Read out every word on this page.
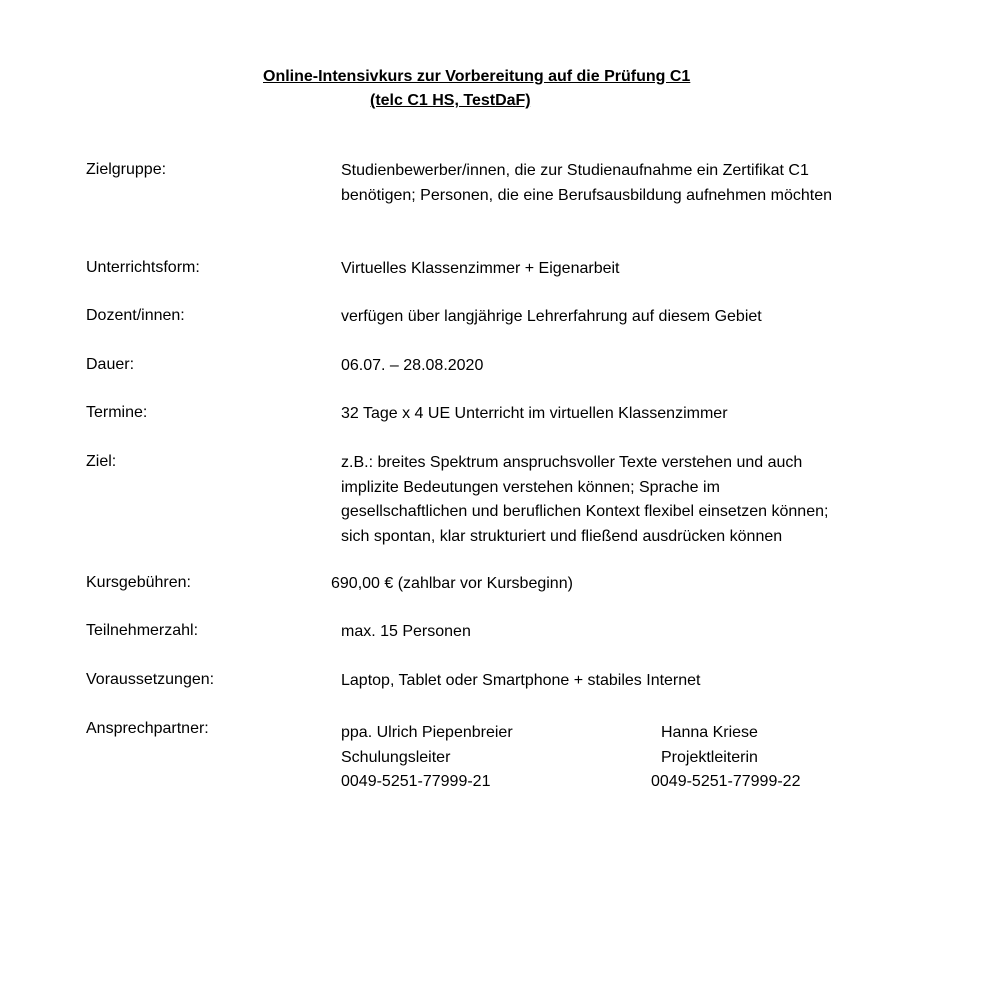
Online-Intensivkurs zur Vorbereitung auf die Prüfung C1
(telc C1 HS, TestDaF)
Zielgruppe:	Studienbewerber/innen, die zur Studienaufnahme ein Zertifikat C1
benötigen; Personen, die eine Berufsausbildung aufnehmen möchten
Unterrichtsform:	Virtuelles Klassenzimmer + Eigenarbeit
Dozent/innen:	verfügen über langjährige Lehrerfahrung auf diesem Gebiet
Dauer:	06.07. – 28.08.2020
Termine:	32 Tage x 4 UE Unterricht im virtuellen Klassenzimmer
Ziel:	z.B.: breites Spektrum anspruchsvoller Texte verstehen und auch
implizite Bedeutungen verstehen können; Sprache im
gesellschaftlichen und beruflichen Kontext flexibel einsetzen können;
sich spontan, klar strukturiert und fließend ausdrücken können
Kursgebühren:	690,00 € (zahlbar vor Kursbeginn)
Teilnehmerzahl:	max. 15 Personen
Voraussetzungen:	Laptop, Tablet oder Smartphone + stabiles Internet
Ansprechpartner:	ppa. Ulrich Piepenbreier
Schulungsleiter
0049-5251-77999-21
Hanna Kriese
Projektleiterin
0049-5251-77999-22
